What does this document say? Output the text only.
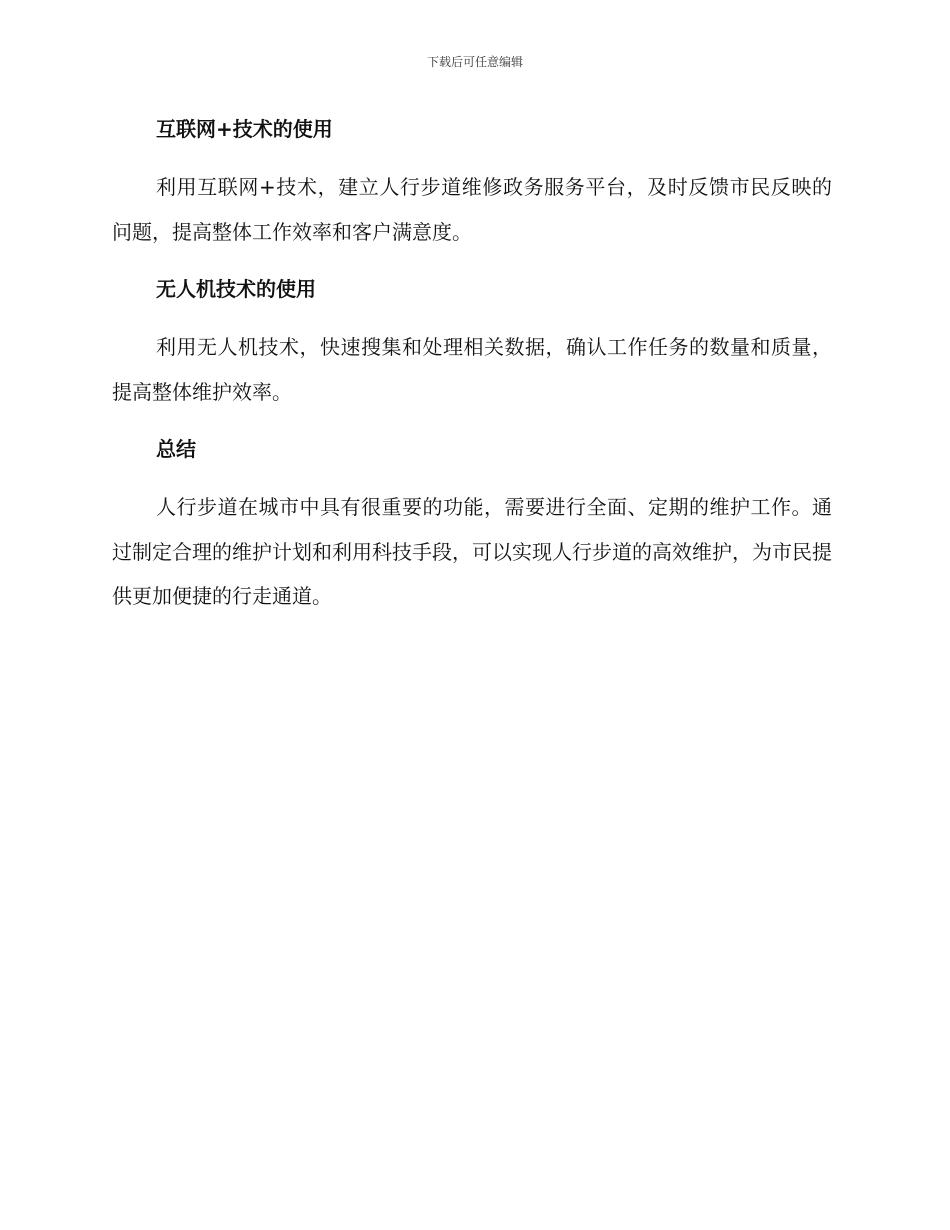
下载后可任意编辑
互联网+技术的使用

利用互联网+技术，建立人行步道维修政务服务平台，及时反馈市民反映的问题，提高整体工作效率和客户满意度。

无人机技术的使用

利用无人机技术，快速搜集和处理相关数据，确认工作任务的数量和质量，提高整体维护效率。

总结

人行步道在城市中具有很重要的功能，需要进行全面、定期的维护工作。通过制定合理的维护计划和利用科技手段，可以实现人行步道的高效维护，为市民提供更加便捷的行走通道。
